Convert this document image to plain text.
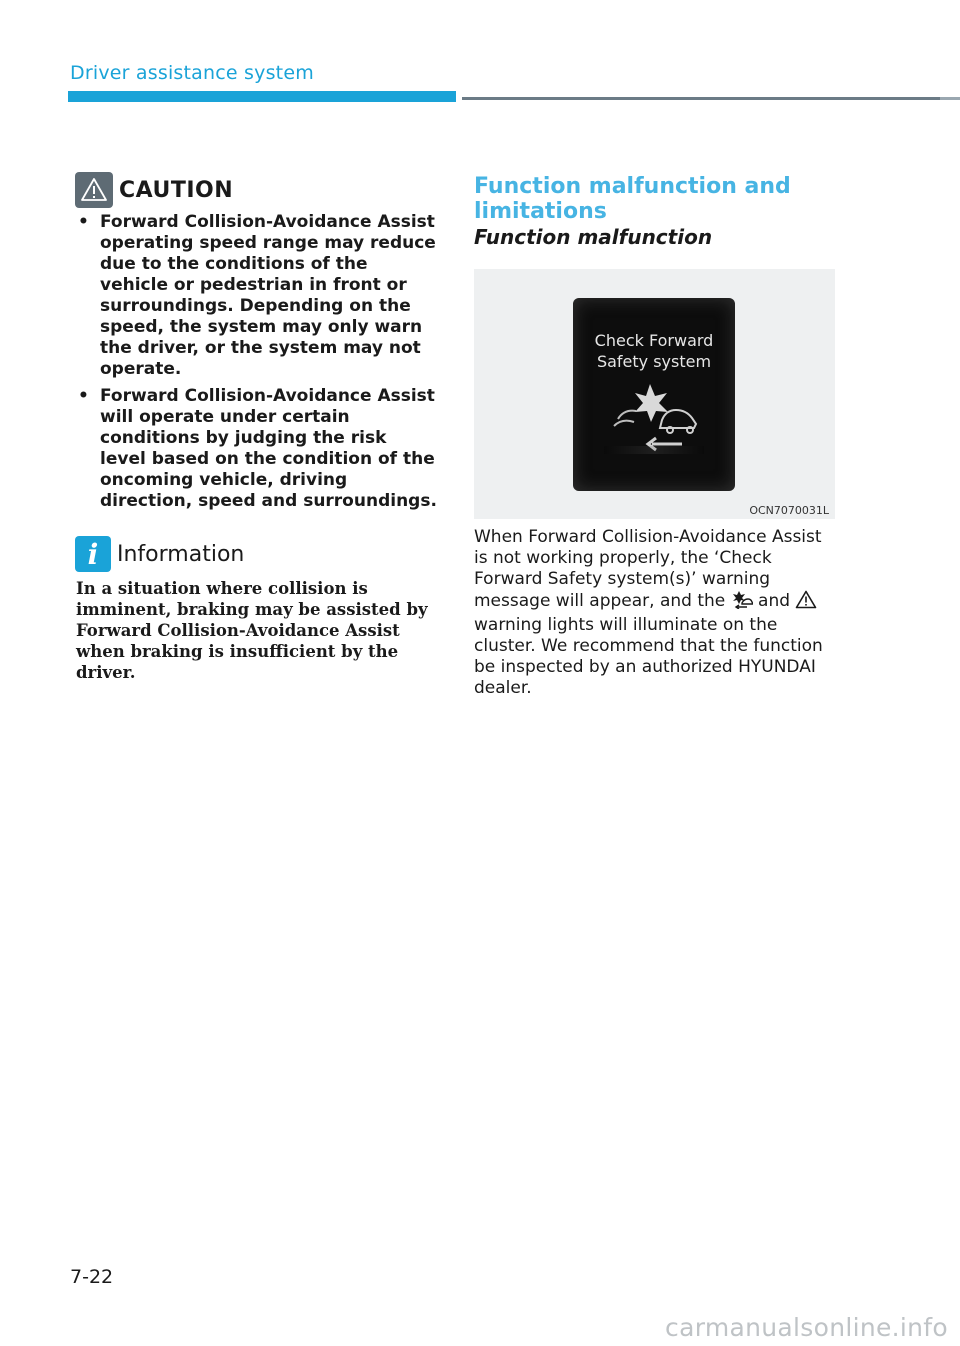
Driver assistance system
CAUTION
• Forward Collision-Avoidance Assist operating speed range may reduce due to the conditions of the vehicle or pedestrian in front or surroundings. Depending on the speed, the system may only warn the driver, or the system may not operate.
• Forward Collision-Avoidance Assist will operate under certain conditions by judging the risk level based on the condition of the oncoming vehicle, driving direction, speed and surroundings.
i Information
In a situation where collision is imminent, braking may be assisted by Forward Collision-Avoidance Assist when braking is insufficient by the driver.
Function malfunction and limitations
Function malfunction
Check Forward
Safety system
OCN7070031L
When Forward Collision-Avoidance Assist is not working properly, the ‘Check Forward Safety system(s)’ warning message will appear, and the  and  warning lights will illuminate on the cluster. We recommend that the function be inspected by an authorized HYUNDAI dealer.
7-22
carmanualsonline.info
